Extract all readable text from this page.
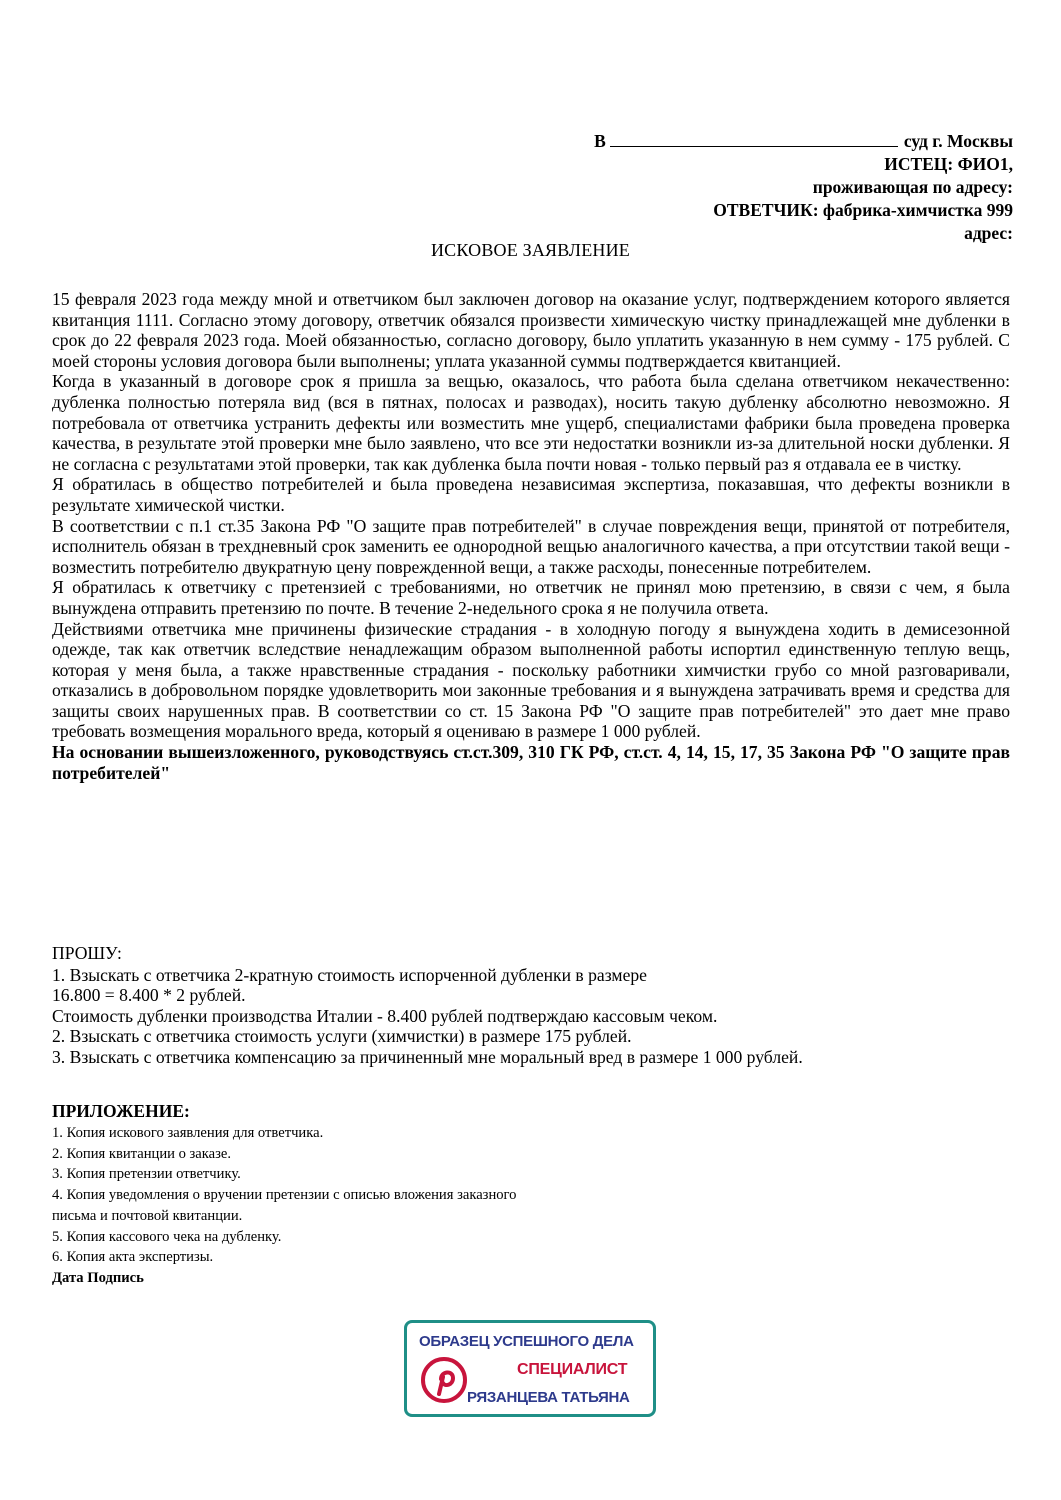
В	суд г. Москвы
ИСТЕЦ: ФИО1,
проживающая по адресу:
ОТВЕТЧИК: фабрика-химчистка 999
адрес:
ИСКОВОЕ ЗАЯВЛЕНИЕ

15 февраля 2023 года между мной и ответчиком был заключен договор на оказание услуг, подтверждением которого является квитанция 1111. Согласно этому договору, ответчик обязался произвести химическую чистку принадлежащей мне дубленки в срок до 22 февраля 2023 года. Моей обязанностью, согласно договору, было уплатить указанную в нем сумму - 175 рублей. С моей стороны условия договора были выполнены; уплата указанной суммы подтверждается квитанцией.

Когда в указанный в договоре срок я пришла за вещью, оказалось, что работа была сделана ответчиком некачественно: дубленка полностью потеряла вид (вся в пятнах, полосах и разводах), носить такую дубленку абсолютно невозможно. Я потребовала от ответчика устранить дефекты или возместить мне ущерб, специалистами фабрики была проведена проверка качества, в результате этой проверки мне было заявлено, что все эти недостатки возникли из-за длительной носки дубленки. Я не согласна с результатами этой проверки, так как дубленка была почти новая - только первый раз я отдавала ее в чистку.

Я обратилась в общество потребителей и была проведена независимая экспертиза, показавшая, что дефекты возникли в результате химической чистки.

В соответствии с п.1 ст.35 Закона РФ "О защите прав потребителей" в случае повреждения вещи, принятой от потребителя, исполнитель обязан в трехдневный срок заменить ее однородной вещью аналогичного качества, а при отсутствии такой вещи - возместить потребителю двукратную цену поврежденной вещи, а также расходы, понесенные потребителем.

Я обратилась к ответчику с претензией с требованиями, но ответчик не принял мою претензию, в связи с чем, я была вынуждена отправить претензию по почте. В течение 2-недельного срока я не получила ответа.

Действиями ответчика мне причинены физические страдания - в холодную погоду я вынуждена ходить в демисезонной одежде, так как ответчик вследствие ненадлежащим образом выполненной работы испортил единственную теплую вещь, которая у меня была, а также нравственные страдания - поскольку работники химчистки грубо со мной разговаривали, отказались в добровольном порядке удовлетворить мои законные требования и я вынуждена затрачивать время и средства для защиты своих нарушенных прав. В соответствии со ст. 15 Закона РФ "О защите прав потребителей" это дает мне право требовать возмещения морального вреда, который я оцениваю в размере 1 000 рублей.

На основании вышеизложенного, руководствуясь ст.ст.309, 310 ГК РФ, ст.ст. 4, 14, 15, 17, 35 Закона РФ "О защите прав потребителей"

ПРОШУ:

1. Взыскать с ответчика 2-кратную стоимость испорченной дубленки в размере

16.800 = 8.400 * 2 рублей.

Стоимость дубленки производства Италии - 8.400 рублей подтверждаю кассовым чеком.

2. Взыскать с ответчика стоимость услуги (химчистки) в размере 175 рублей.

3. Взыскать с ответчика компенсацию за причиненный мне моральный вред в размере 1 000 рублей.

ПРИЛОЖЕНИЕ:

1. Копия искового заявления для ответчика.

2. Копия квитанции о заказе.

3. Копия претензии ответчику.

4. Копия уведомления о вручении претензии с описью вложения заказного

письма и почтовой квитанции.

5. Копия кассового чека на дубленку.

6. Копия акта экспертизы.

Дата Подпись

ОБРАЗЕЦ УСПЕШНОГО ДЕЛА
СПЕЦИАЛИСТ
РЯЗАНЦЕВА ТАТЬЯНА
